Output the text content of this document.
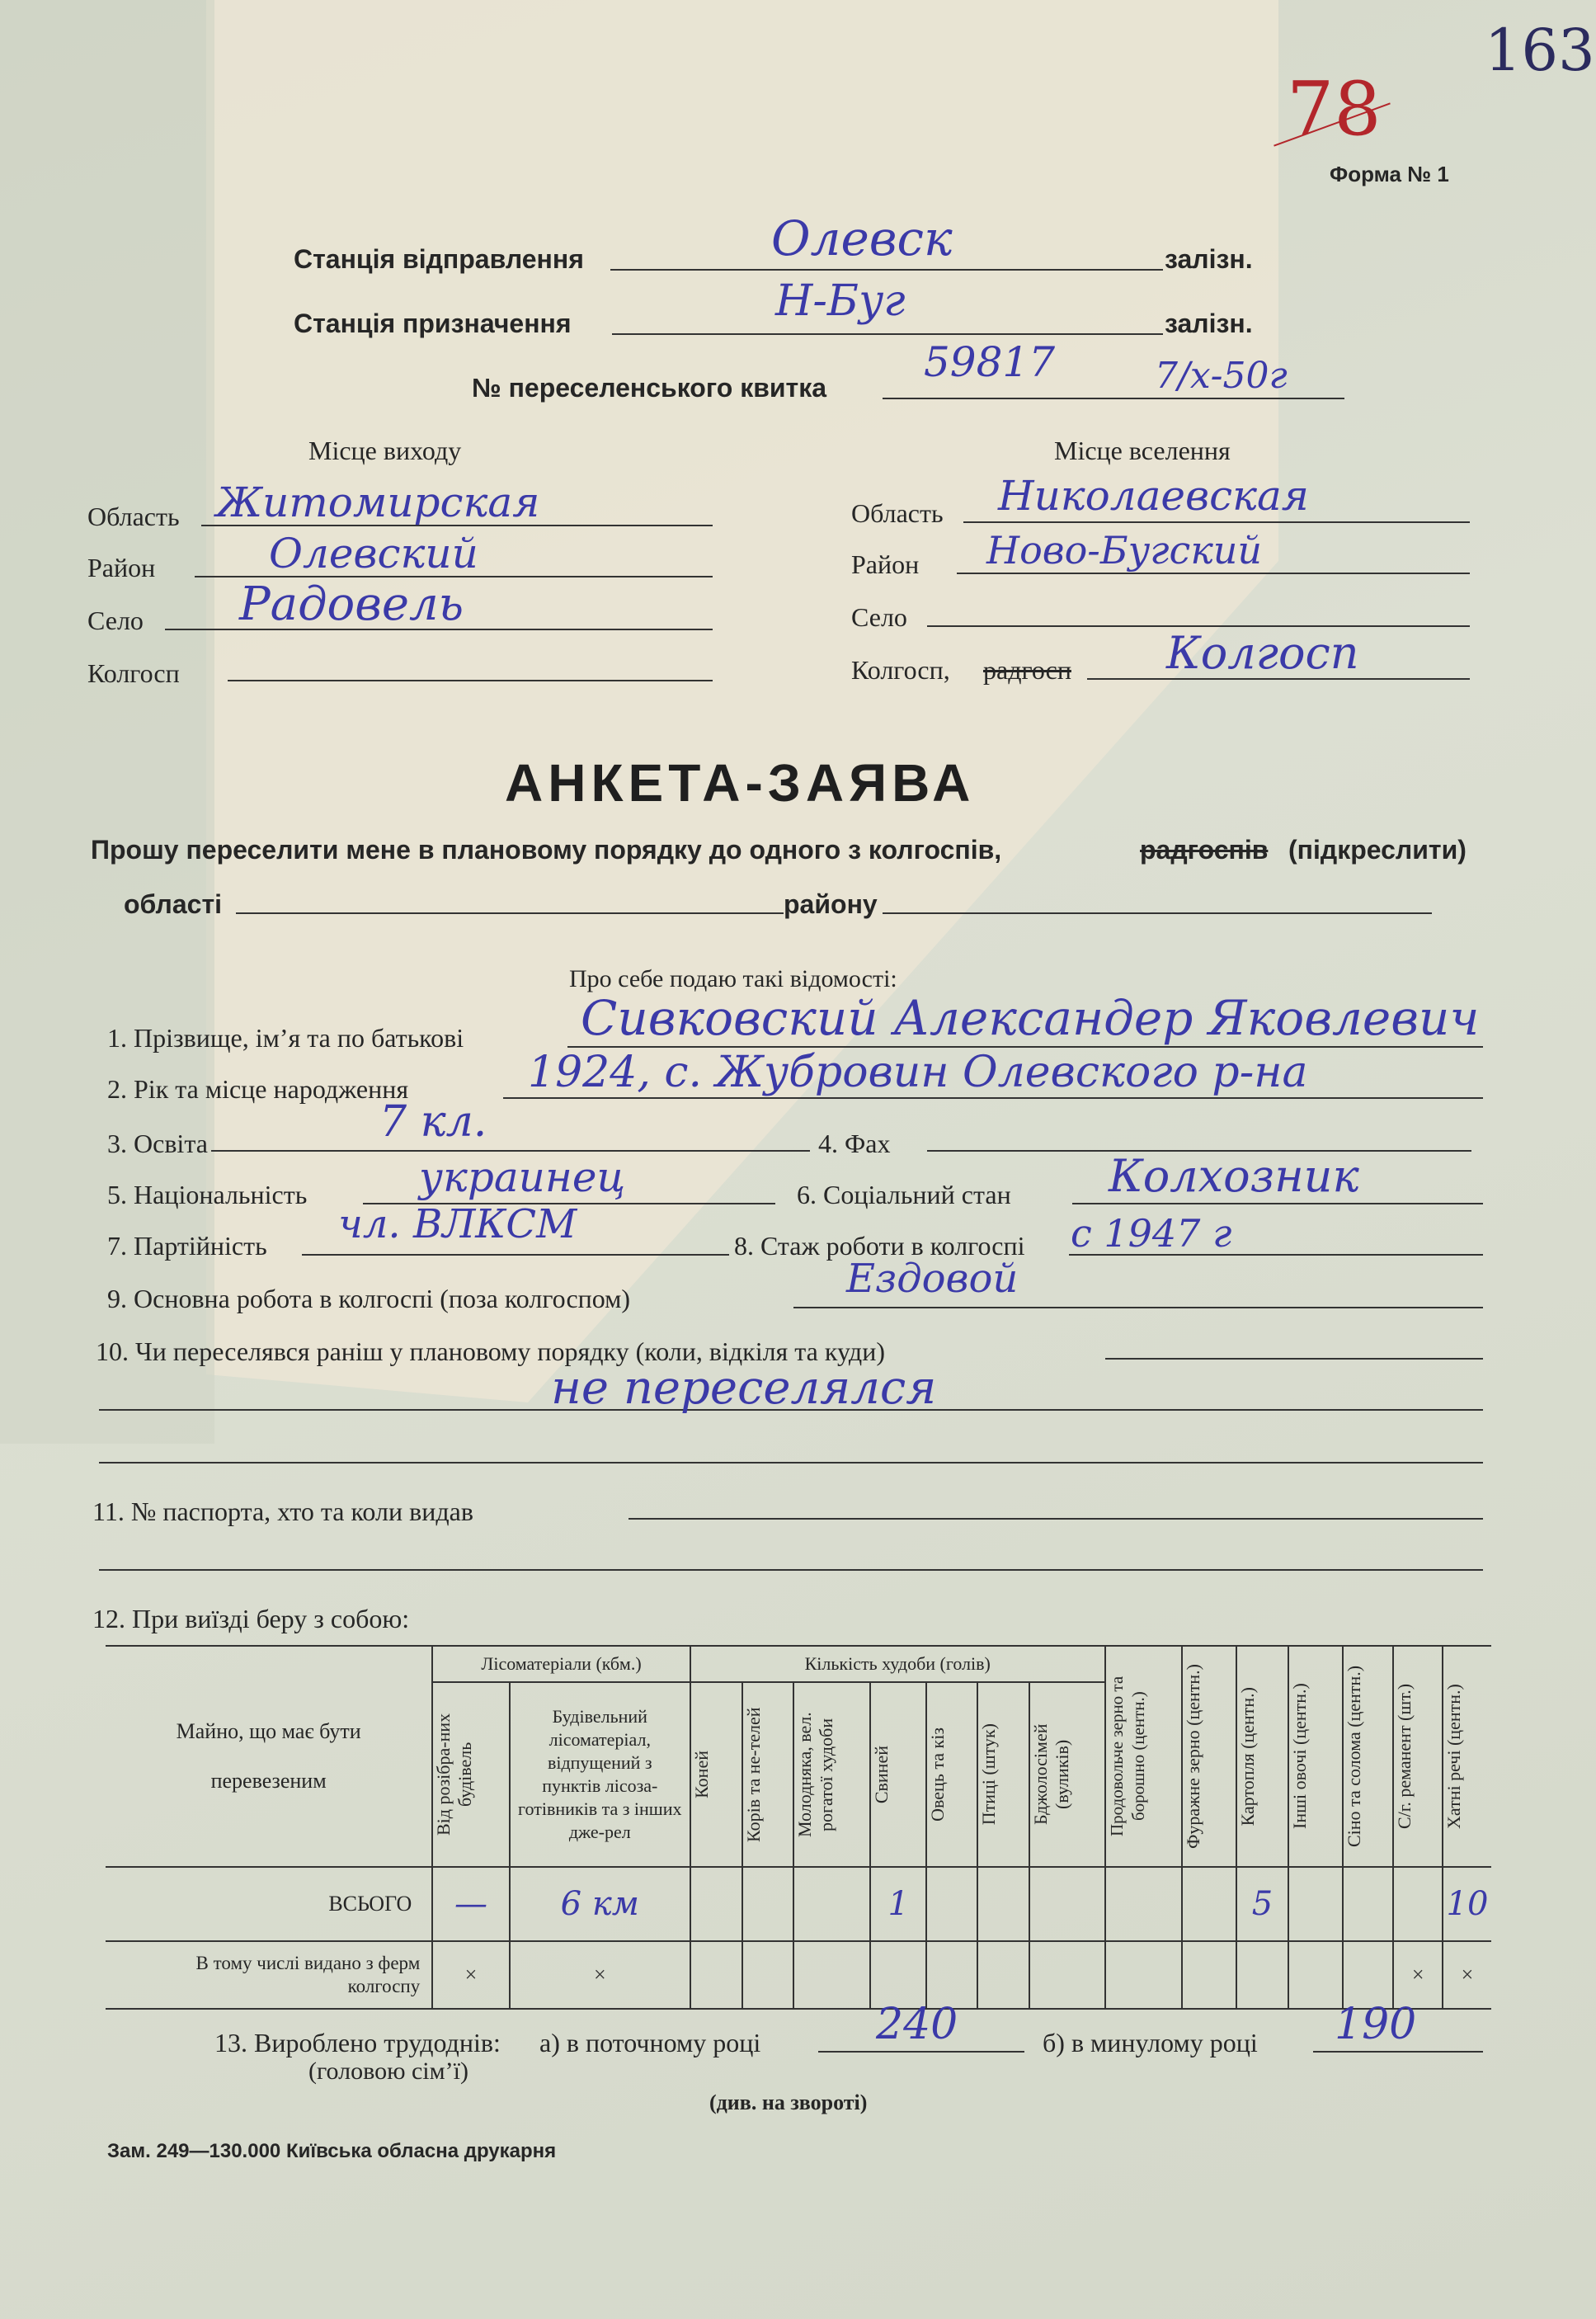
163
78
Форма № 1
Станція відправлення	Олевск	залізн.
Станція призначення	Н-Буг	залізн.
№ переселенського квитка
59817	7/х-50г
Місце виходу
Область Житомирская
Район	Олевский
Село Радовель
Колгосп
Місце вселення
Область Николаевская
Район Ново-Бугский
Село
Колгосп, радгосп Колгосп
АНКЕТА-ЗАЯВА
Прошу переселити мене в плановому порядку до одного з колгоспів,	радгоспів (підкреслити)
області	району
Про себе подаю такі відомості:
1. Прізвище, ім’я та по батькові Сивковский Александер Яковлевич
2. Рік та місце народження	1924, с. Жубровин Олевского р-на
3. Освіта	7 кл.	4. Фах
5. Національність	украинец	6. Соціальний стан Колхозник
7. Партійність чл. ВЛКСМ	8. Стаж роботи в колгоспі с 1947 г
9. Основна робота в колгоспі (поза колгоспом)	Ездовой
10. Чи переселявся раніш у плановому порядку (коли, відкіля та куди)
не переселялся
11. № паспорта, хто та коли видав
12. При виїзді беру з собою:
Майно, що має бути перевезеним	Лісоматеріали (кбм.)		Кількість худоби (голів)							Продовольче зерно та борошно (центн.)	Фуражне зерно (центн.)	Картопля (центн.)	Інші овочі (центн.)	Сіно та солома (центн.)	С/г. реманент (шт.)	Хатні речі (центн.)

	Від розібра-них будівель	Будівельний лісоматеріал, відпущений з пунктів лісоза-готівників та з інших дже-рел	Коней	Корів та не-телей	Молодняка, вел. рогатої худоби	Свиней	Овець та кіз	Птиці (штук)	Бджолосімей (вуликів)							

ВСЬОГО	—	6 км				1						5				10
В тому числі видано з ферм колгоспу	×	×													×	×
13. Вироблено трудоднів:
(головою сім’ї)
а) в поточному році	240	б) в минулому році 190
(див. на звороті)
Зам. 249—130.000 Київська обласна друкарня
